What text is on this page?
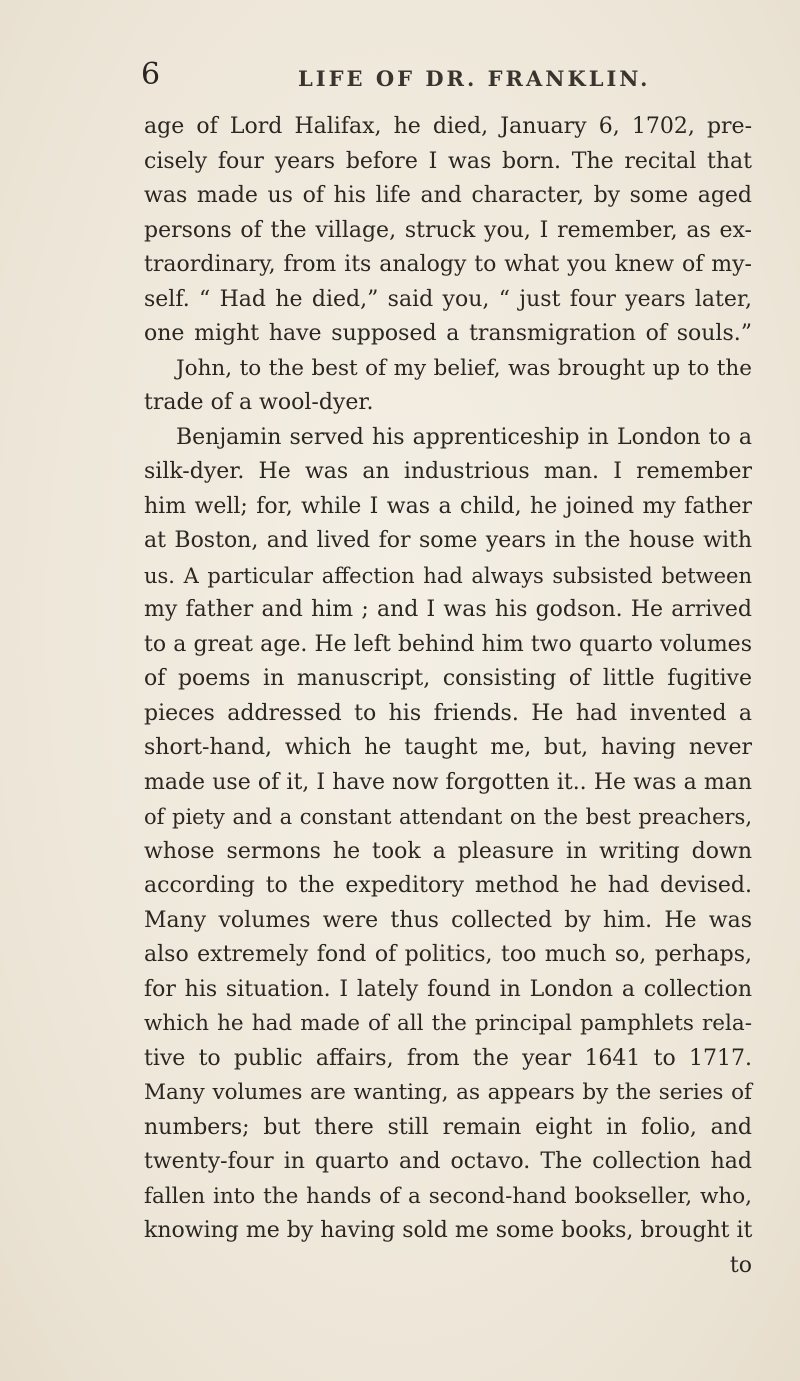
6	LIFE OF DR. FRANKLIN.
age of Lord Halifax, he died, January 6, 1702, pre-
cisely four years before I was born. The recital that
was made us of his life and character, by some aged
persons of the village, struck you, I remember, as ex-
traordinary, from its analogy to what you knew of my-
self. “ Had he died,” said you, “ just four years later,
one might have supposed a transmigration of souls.”
John, to the best of my belief, was brought up to the
trade of a wool-dyer.
Benjamin served his apprenticeship in London to a
silk-dyer. He was an industrious man. I remember
him well; for, while I was a child, he joined my father
at Boston, and lived for some years in the house with
us. A particular affection had always subsisted between
my father and him ; and I was his godson. He arrived
to a great age. He left behind him two quarto volumes
of poems in manuscript, consisting of little fugitive
pieces addressed to his friends. He had invented a
short-hand, which he taught me, but, having never
made use of it, I have now forgotten it.. He was a man
of piety and a constant attendant on the best preachers,
whose sermons he took a pleasure in writing down
according to the expeditory method he had devised.
Many volumes were thus collected by him. He was
also extremely fond of politics, too much so, perhaps,
for his situation. I lately found in London a collection
which he had made of all the principal pamphlets rela-
tive to public affairs, from the year 1641 to 1717.
Many volumes are wanting, as appears by the series of
numbers; but there still remain eight in folio, and
twenty-four in quarto and octavo. The collection had
fallen into the hands of a second-hand bookseller, who,
knowing me by having sold me some books, brought it
to
